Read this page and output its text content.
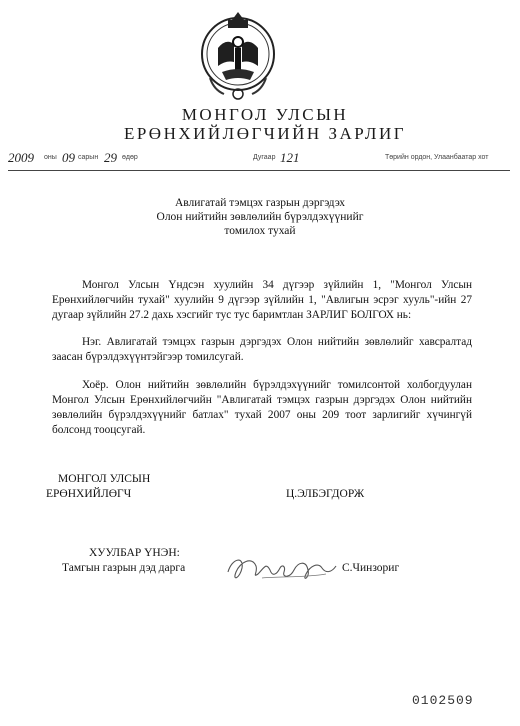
МОНГОЛ УЛСЫН
ЕРӨНХИЙЛӨГЧИЙН ЗАРЛИГ
2009 оны 09 сарын 29 өдөр	Дугаар 121	Төрийн ордон, Улаанбаатар хот
Авлигатай тэмцэх газрын дэргэдэх
Олон нийтийн зөвлөлийн бүрэлдэхүүнийг
томилох тухай
Монгол Улсын Үндсэн хуулийн 34 дүгээр зүйлийн 1, "Монгол Улсын Ерөнхийлөгчийн тухай" хуулийн 9 дүгээр зүйлийн 1, "Авлигын эсрэг хууль"-ийн 27 дугаар зүйлийн 27.2 дахь хэсгийг тус тус баримтлан ЗАРЛИГ БОЛГОХ нь:
Нэг. Авлигатай тэмцэх газрын дэргэдэх Олон нийтийн зөвлөлийг хавсралтад заасан бүрэлдэхүүнтэйгээр томилсугай.
Хоёр. Олон нийтийн зөвлөлийн бүрэлдэхүүнийг томилсонтой холбогдуулан Монгол Улсын Ерөнхийлөгчийн "Авлигатай тэмцэх газрын дэргэдэх Олон нийтийн зөвлөлийн бүрэлдэхүүнийг батлах" тухай 2007 оны 209 тоот зарлигийг хүчингүй болсонд тооцсугай.
МОНГОЛ УЛСЫН
ЕРӨНХИЙЛӨГЧ	Ц.ЭЛБЭГДОРЖ
ХУУЛБАР ҮНЭН:
Тамгын газрын дэд дарга	С.Чинзориг
0102509
